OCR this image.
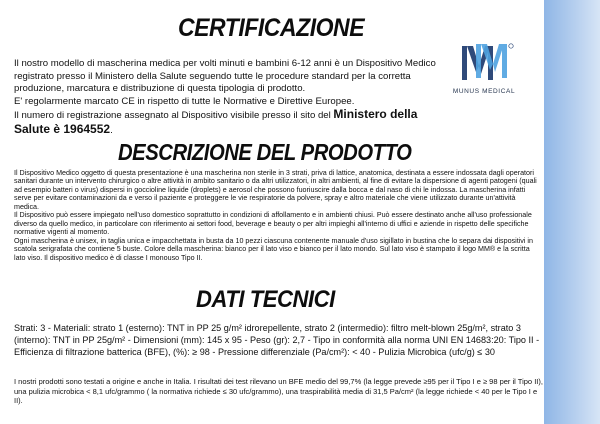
MUNUS MEDICAL
CERTIFICAZIONE

Il nostro modello di mascherina medica per volti minuti e bambini 6-12 anni è un Dispositivo Medico registrato presso il Ministero della Salute seguendo tutte le procedure standard per la corretta produzione, marcatura e distribuzione di questa tipologia di prodotto.

E' regolarmente marcato CE in rispetto di tutte le Normative e Direttive Europee.

Il numero di registrazione assegnato al Dispositivo visibile presso il sito del Ministero della Salute è 1964552.

DESCRIZIONE DEL PRODOTTO

Il Dispositivo Medico oggetto di questa presentazione è una mascherina non sterile in 3 strati, priva di lattice, anatomica, destinata a essere indossata dagli operatori sanitari durante un intervento chirurgico o altre attività in ambito sanitario o da altri utilizzatori, in altri ambienti, al fine di evitare la dispersione di agenti patogeni (quali ad esempio batteri o virus) dispersi in goccioline liquide (droplets) e aerosol che possono fuoriuscire dalla bocca e dal naso di chi le indossa. La mascherina infatti serve per evitare contaminazioni da e verso il paziente e proteggere le vie respiratorie da polvere, spray e altro materiale che viene utilizzato durante un'attività medica.

Il Dispositivo può essere impiegato nell'uso domestico soprattutto in condizioni di affollamento e in ambienti chiusi. Può essere destinato anche all'uso professionale diverso da quello medico, in particolare con riferimento ai settori food, beverage e beauty o per altri impieghi all'interno di uffici e aziende in rispetto delle specifiche normative vigenti al momento.

Ogni mascherina è unisex, in taglia unica e impacchettata in busta da 10 pezzi ciascuna contenente manuale d'uso sigillato in bustina che lo separa dai dispositivi in scatola serigrafata che contiene 5 buste. Colore della mascherina: bianco per il lato viso e bianco per il lato mondo. Sul lato viso è stampato il logo MM® e la scritta lato viso. Il dispositivo medico è di classe I monouso Tipo II.

DATI TECNICI
Strati: 3 - Materiali: strato 1 (esterno): TNT in PP 25 g/m² idrorepellente, strato 2 (intermedio): filtro melt-blown 25g/m², strato 3 (interno): TNT in PP 25g/m² - Dimensioni (mm): 145 x 95 - Peso (gr): 2,7 - Tipo in conformità alla norma UNI EN 14683:20: Tipo II - Efficienza di filtrazione batterica (BFE), (%): ≥ 98 - Pressione differenziale (Pa/cm²): < 40 - Pulizia Microbica (ufc/g) ≤ 30
I nostri prodotti sono testati a origine e anche in Italia. I risultati dei test rilevano un BFE medio del 99,7% (la legge prevede ≥95 per il Tipo I e ≥ 98 per il Tipo II), una pulizia microbica < 8,1 ufc/grammo ( la normativa richiede ≤ 30 ufc/grammo), una traspirabilità media di 31,5 Pa/cm² (la legge richiede < 40 per le Tipo I e II).
